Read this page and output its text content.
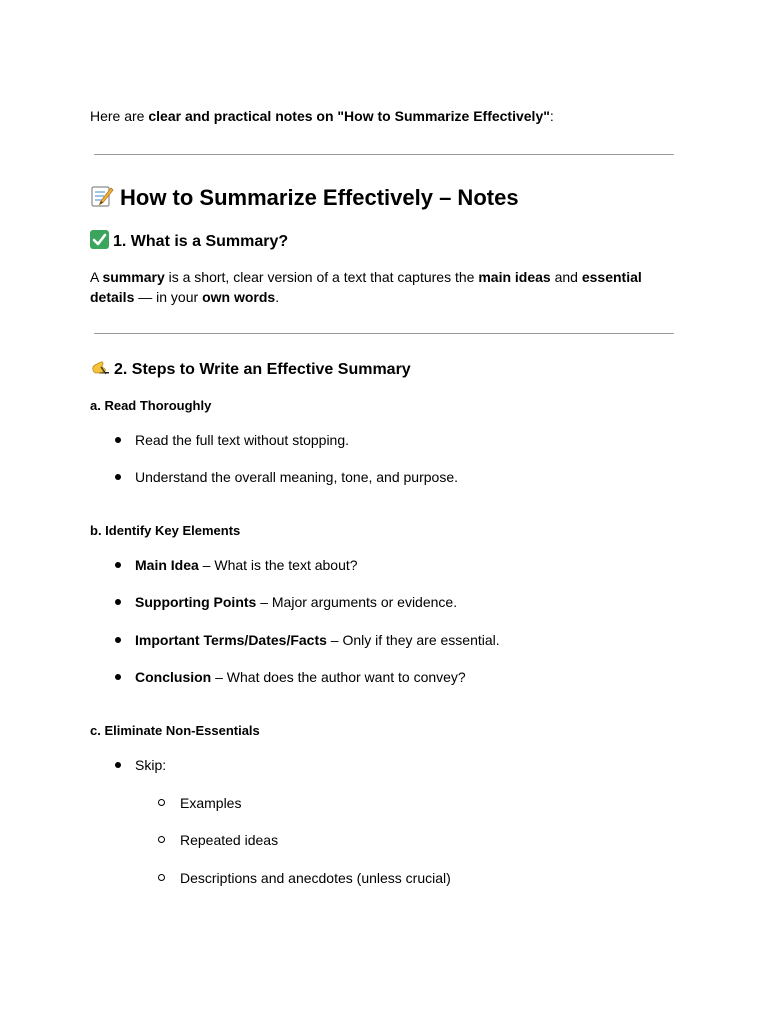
Here are clear and practical notes on "How to Summarize Effectively":
How to Summarize Effectively – Notes
1. What is a Summary?
A summary is a short, clear version of a text that captures the main ideas and essential details — in your own words.
2. Steps to Write an Effective Summary
a. Read Thoroughly
Read the full text without stopping.
Understand the overall meaning, tone, and purpose.
b. Identify Key Elements
Main Idea – What is the text about?
Supporting Points – Major arguments or evidence.
Important Terms/Dates/Facts – Only if they are essential.
Conclusion – What does the author want to convey?
c. Eliminate Non-Essentials
Skip:
Examples
Repeated ideas
Descriptions and anecdotes (unless crucial)
